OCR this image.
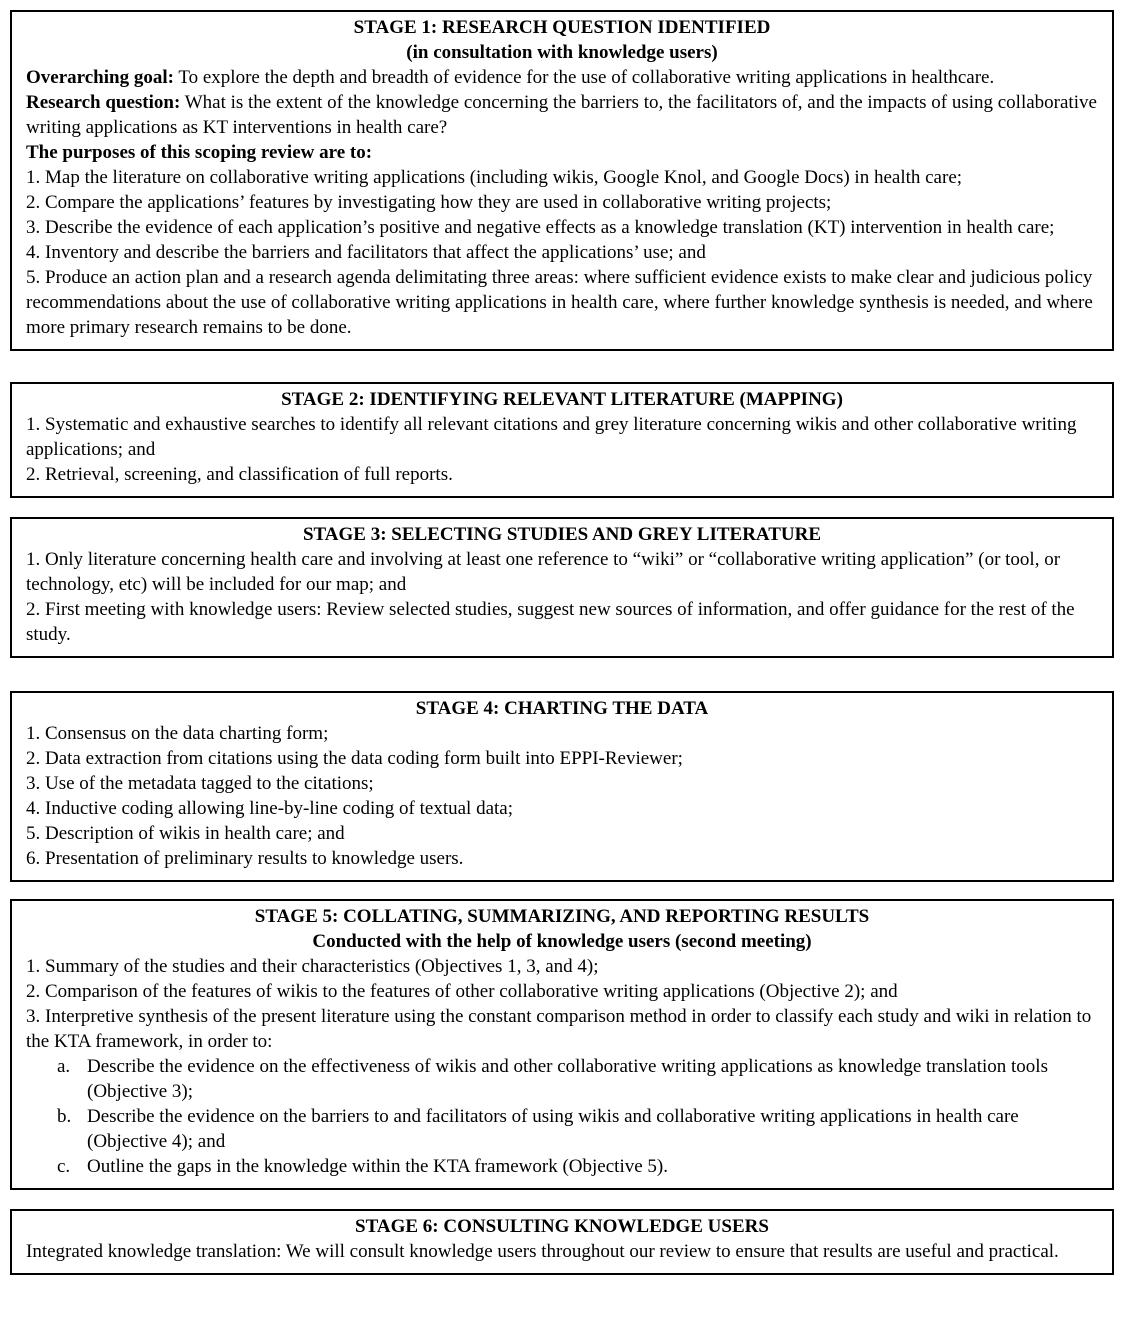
STAGE 1: RESEARCH QUESTION IDENTIFIED
(in consultation with knowledge users)

Overarching goal: To explore the depth and breadth of evidence for the use of collaborative writing applications in healthcare.

Research question: What is the extent of the knowledge concerning the barriers to, the facilitators of, and the impacts of using collaborative writing applications as KT interventions in health care?

The purposes of this scoping review are to:

1. Map the literature on collaborative writing applications (including wikis, Google Knol, and Google Docs) in health care;

2. Compare the applications’ features by investigating how they are used in collaborative writing projects;

3. Describe the evidence of each application’s positive and negative effects as a knowledge translation (KT) intervention in health care;

4. Inventory and describe the barriers and facilitators that affect the applications’ use; and

5. Produce an action plan and a research agenda delimitating three areas: where sufficient evidence exists to make clear and judicious policy recommendations about the use of collaborative writing applications in health care, where further knowledge synthesis is needed, and where more primary research remains to be done.

STAGE 2: IDENTIFYING RELEVANT LITERATURE (MAPPING)

1. Systematic and exhaustive searches to identify all relevant citations and grey literature concerning wikis and other collaborative writing applications; and

2. Retrieval, screening, and classification of full reports.

STAGE 3: SELECTING STUDIES AND GREY LITERATURE

1. Only literature concerning health care and involving at least one reference to “wiki” or “collaborative writing application” (or tool, or technology, etc) will be included for our map; and

2. First meeting with knowledge users: Review selected studies, suggest new sources of information, and offer guidance for the rest of the study.

STAGE 4: CHARTING THE DATA

1. Consensus on the data charting form;

2. Data extraction from citations using the data coding form built into EPPI-Reviewer;

3. Use of the metadata tagged to the citations;

4. Inductive coding allowing line-by-line coding of textual data;

5. Description of wikis in health care; and

6. Presentation of preliminary results to knowledge users.

STAGE 5: COLLATING, SUMMARIZING, AND REPORTING RESULTS
Conducted with the help of knowledge users (second meeting)

1. Summary of the studies and their characteristics (Objectives 1, 3, and 4);

2. Comparison of the features of wikis to the features of other collaborative writing applications (Objective 2); and

3. Interpretive synthesis of the present literature using the constant comparison method in order to classify each study and wiki in relation to the KTA framework, in order to:

a. Describe the evidence on the effectiveness of wikis and other collaborative writing applications as knowledge translation tools (Objective 3);
b. Describe the evidence on the barriers to and facilitators of using wikis and collaborative writing applications in health care (Objective 4); and
c. Outline the gaps in the knowledge within the KTA framework (Objective 5).
STAGE 6: CONSULTING KNOWLEDGE USERS

Integrated knowledge translation: We will consult knowledge users throughout our review to ensure that results are useful and practical.
